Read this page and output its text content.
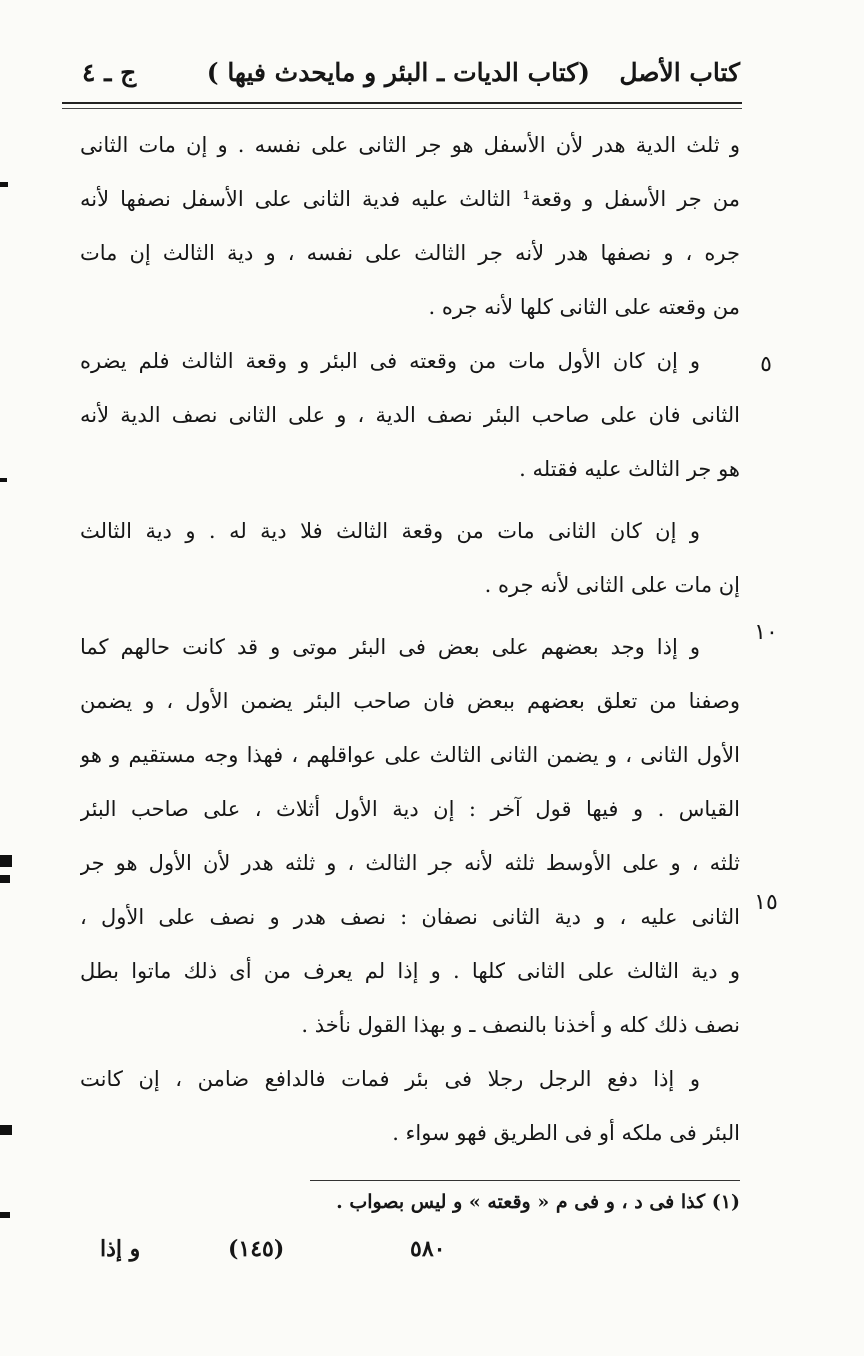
كتاب الأصل
(كتاب الديات ـ البئر و مايحدث فيها )
ج ـ ٤
و ثلث الدية هدر لأن الأسفل هو جر الثانى على نفسه . و إن مات الثانى
من جر الأسفل و وقعة¹ الثالث عليه فدية الثانى على الأسفل نصفها لأنه
جره ، و نصفها هدر لأنه جر الثالث على نفسه ، و دية الثالث إن مات
من وقعته على الثانى كلها لأنه جره .
و إن كان الأول مات من وقعته فى البئر و وقعة الثالث فلم يضره
الثانى فان على صاحب البئر نصف الدية ، و على الثانى نصف الدية لأنه
هو جر الثالث عليه فقتله .
و إن كان الثانى مات من وقعة الثالث فلا دية له . و دية الثالث
إن مات على الثانى لأنه جره .
و إذا وجد بعضهم على بعض فى البئر موتى و قد كانت حالهم كما
وصفنا من تعلق بعضهم ببعض فان صاحب البئر يضمن الأول ، و يضمن
الأول الثانى ، و يضمن الثانى الثالث على عواقلهم ، فهذا وجه مستقيم و هو
القياس . و فيها قول آخر : إن دية الأول أثلاث ، على صاحب البئر
ثلثه ، و على الأوسط ثلثه لأنه جر الثالث ، و ثلثه هدر لأن الأول هو جر
الثانى عليه ، و دية الثانى نصفان : نصف هدر و نصف على الأول ،
و دية الثالث على الثانى كلها . و إذا لم يعرف من أى ذلك ماتوا بطل
نصف ذلك كله و أخذنا بالنصف ـ و بهذا القول نأخذ .
و إذا دفع الرجل رجلا فى بئر فمات فالدافع ضامن ، إن كانت
البئر فى ملكه أو فى الطريق فهو سواء .
٥
١٠
١٥
(١) كذا فى د ، و فى م « وقعته » و ليس بصواب .
٥٨٠
(١٤٥)
و إذا
